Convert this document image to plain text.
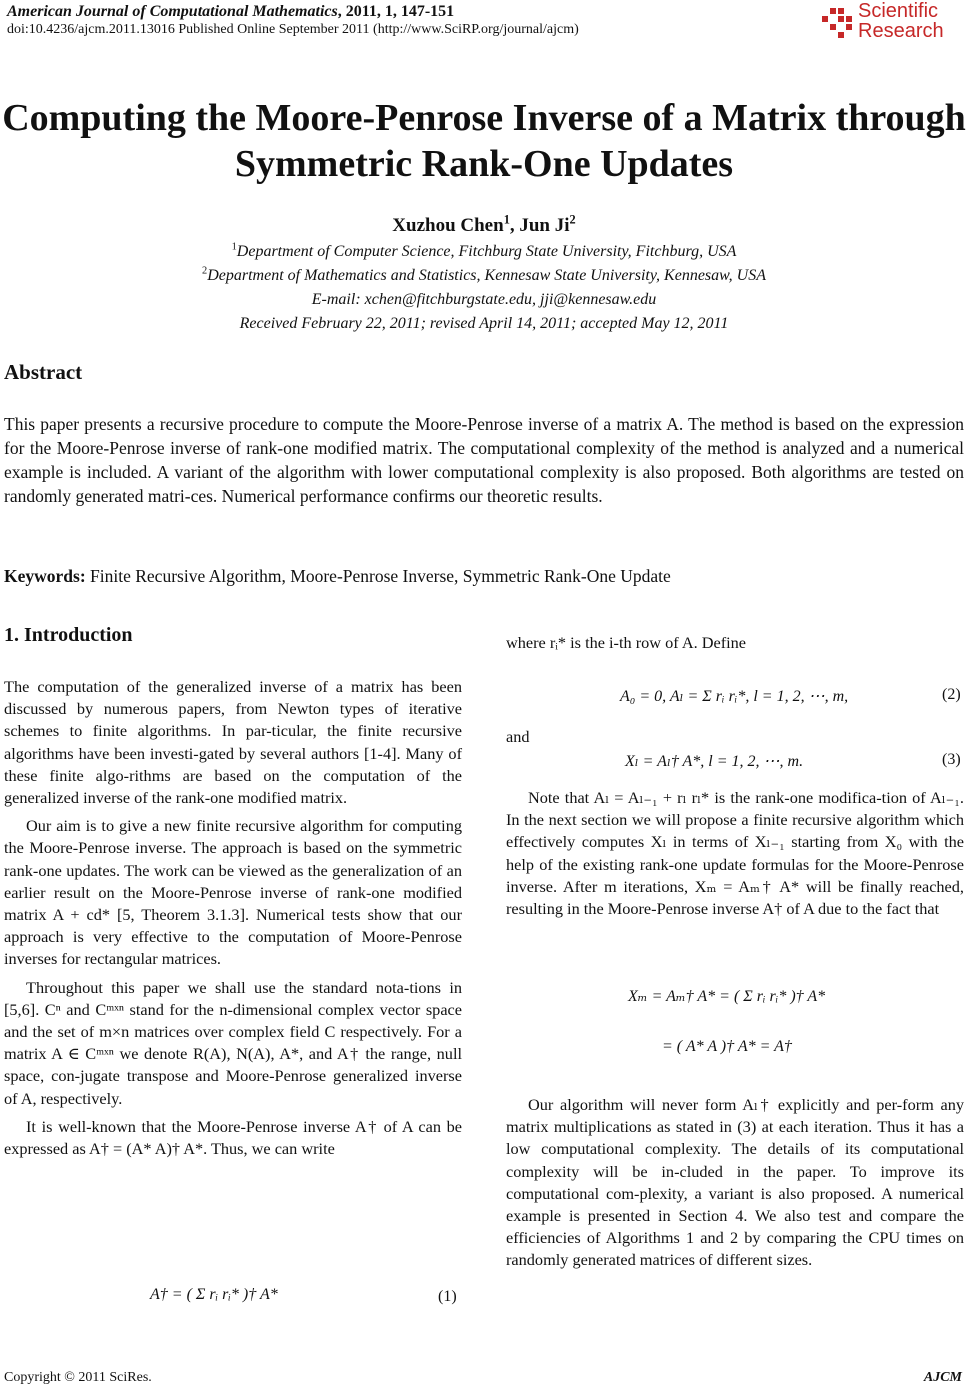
American Journal of Computational Mathematics, 2011, 1, 147-151
doi:10.4236/ajcm.2011.13016 Published Online September 2011 (http://www.SciRP.org/journal/ajcm)
Scientific
Research
Computing the Moore-Penrose Inverse of a Matrix through
Symmetric Rank-One Updates
Xuzhou Chen$^1$, Jun Ji$^2$
$^1$Department of Computer Science, Fitchburg State University, Fitchburg, USA
$^2$Department of Mathematics and Statistics, Kennesaw State University, Kennesaw, USA
E-mail: xchen@fitchburgstate.edu, jji@kennesaw.edu
Received February 22, 2011; revised April 14, 2011; accepted May 12, 2011
Abstract
This paper presents a recursive procedure to compute the Moore-Penrose inverse of a matrix A. The method is based on the expression for the Moore-Penrose inverse of rank-one modified matrix. The computational complexity of the method is analyzed and a numerical example is included. A variant of the algorithm with lower computational complexity is also proposed. Both algorithms are tested on randomly generated matri-ces. Numerical performance confirms our theoretic results.
Keywords: Finite Recursive Algorithm, Moore-Penrose Inverse, Symmetric Rank-One Update
1. Introduction

The computation of the generalized inverse of a matrix has been discussed by numerous papers, from Newton types of iterative schemes to finite algorithms. In par-ticular, the finite recursive algorithms have been investi-gated by several authors [1-4]. Many of these finite algo-rithms are based on the computation of the generalized inverse of the rank-one modified matrix.

Our aim is to give a new finite recursive algorithm for computing the Moore-Penrose inverse. The approach is based on the symmetric rank-one updates. The work can be viewed as the generalization of an earlier result on the Moore-Penrose inverse of rank-one modified matrix A + cd* [5, Theorem 3.1.3]. Numerical tests show that our approach is very effective to the computation of Moore-Penrose inverses for rectangular matrices.

Throughout this paper we shall use the standard nota-tions in [5,6]. Cⁿ and Cᵐˣⁿ stand for the n-dimensional complex vector space and the set of m×n matrices over complex field C respectively. For a matrix A ∈ Cᵐˣⁿ we denote R(A), N(A), A*, and A† the range, null space, con-jugate transpose and Moore-Penrose generalized inverse of A, respectively.

It is well-known that the Moore-Penrose inverse A† of A can be expressed as A† = (A* A)† A*. Thus, we can write

A† = ( Σ rᵢ rᵢ* )† A*	(1)
where rᵢ* is the i-th row of A. Define
A₀ = 0, Aₗ = Σ rᵢ rᵢ*, l = 1, 2, ⋯, m,	(2)
and
Xₗ = Aₗ† A*, l = 1, 2, ⋯, m.	(3)

Note that Aₗ = Aₗ₋₁ + rₗ rₗ* is the rank-one modifica-tion of Aₗ₋₁. In the next section we will propose a finite recursive algorithm which effectively computes Xₗ in terms of Xₗ₋₁ starting from X₀ with the help of the existing rank-one update formulas for the Moore-Penrose inverse. After m iterations, Xₘ = Aₘ† A* will be finally reached, resulting in the Moore-Penrose inverse A† of A due to the fact that

Xₘ = Aₘ† A* = ( Σ rᵢ rᵢ* )† A*
= ( A* A )† A* = A†

Our algorithm will never form Aₗ† explicitly and per-form any matrix multiplications as stated in (3) at each iteration. Thus it has a low computational complexity. The details of its computational complexity will be in-cluded in the paper. To improve its computational com-plexity, a variant is also proposed. A numerical example is presented in Section 4. We also test and compare the efficiencies of Algorithms 1 and 2 by comparing the CPU times on randomly generated matrices of different sizes.

Copyright © 2011 SciRes.	AJCM
